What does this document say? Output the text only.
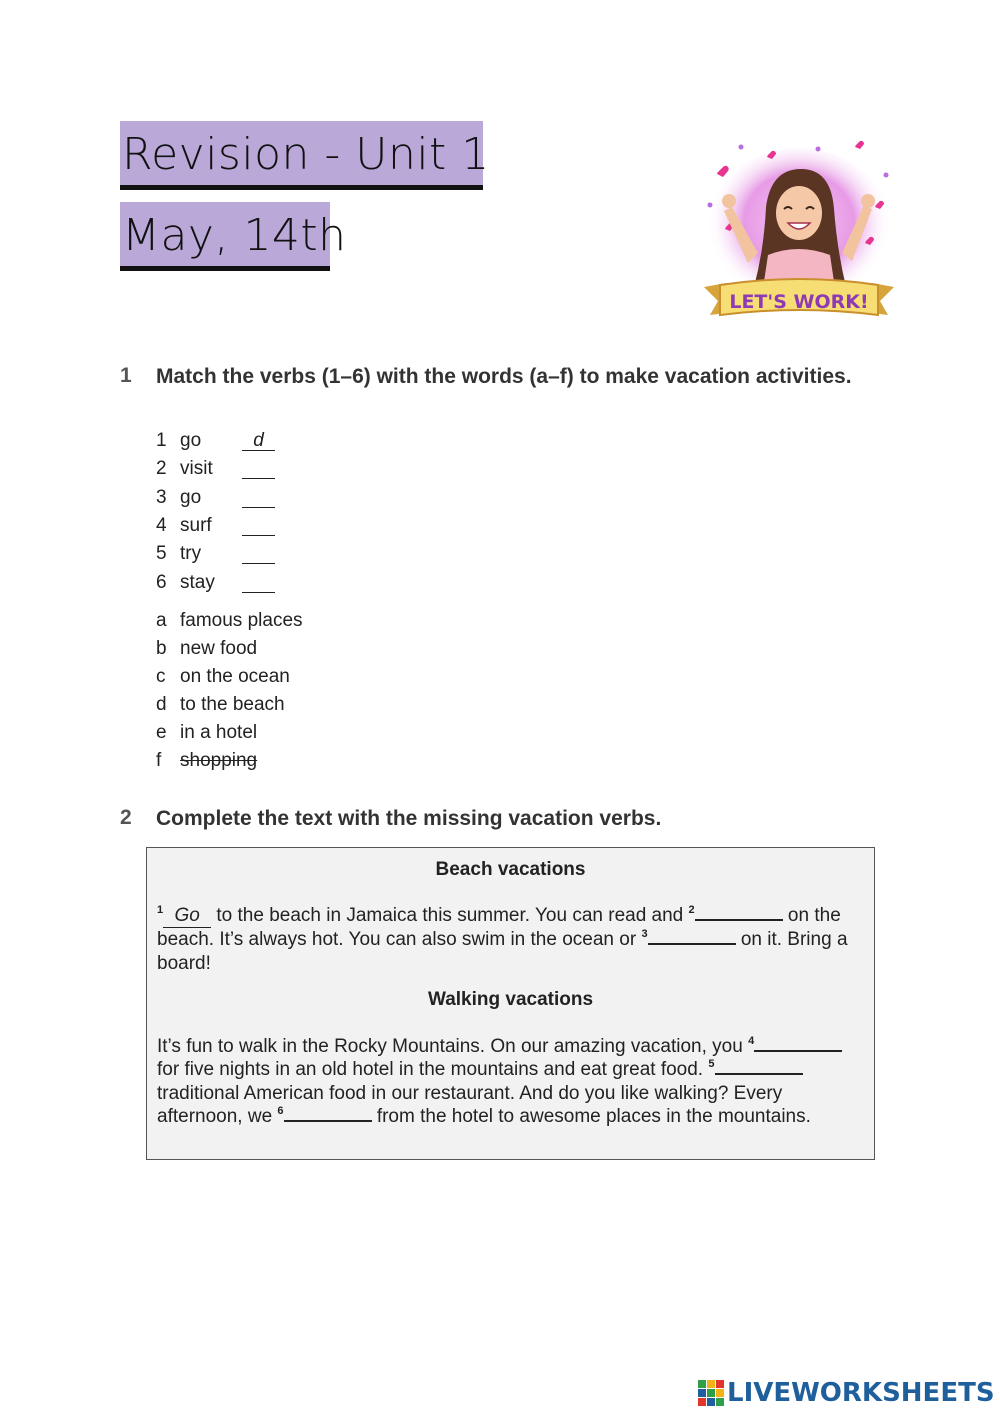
Revision - Unit 1
May, 14th
LET'S WORK!
1 Match the verbs (1–6) with the words (a–f) to make vacation activities.
1 go	d
2 visit
3 go
4 surf
5 try
6 stay
a famous places
b new food
c on the ocean
d to the beach
e in a hotel
f shopping
2 Complete the text with the missing vacation verbs.
Beach vacations
$^1$ Go to the beach in Jamaica this summer. You can read and $^2$	on the beach. It’s always hot. You can also swim in the ocean or $^3$	on it. Bring a board!
Walking vacations
It’s fun to walk in the Rocky Mountains. On our amazing vacation, you $^4$ for five nights in an old hotel in the mountains and eat great food. $^5$ traditional American food in our restaurant. And do you like walking? Every afternoon, we $^6$	from the hotel to awesome places in the mountains.
LIVEWORKSHEETS
